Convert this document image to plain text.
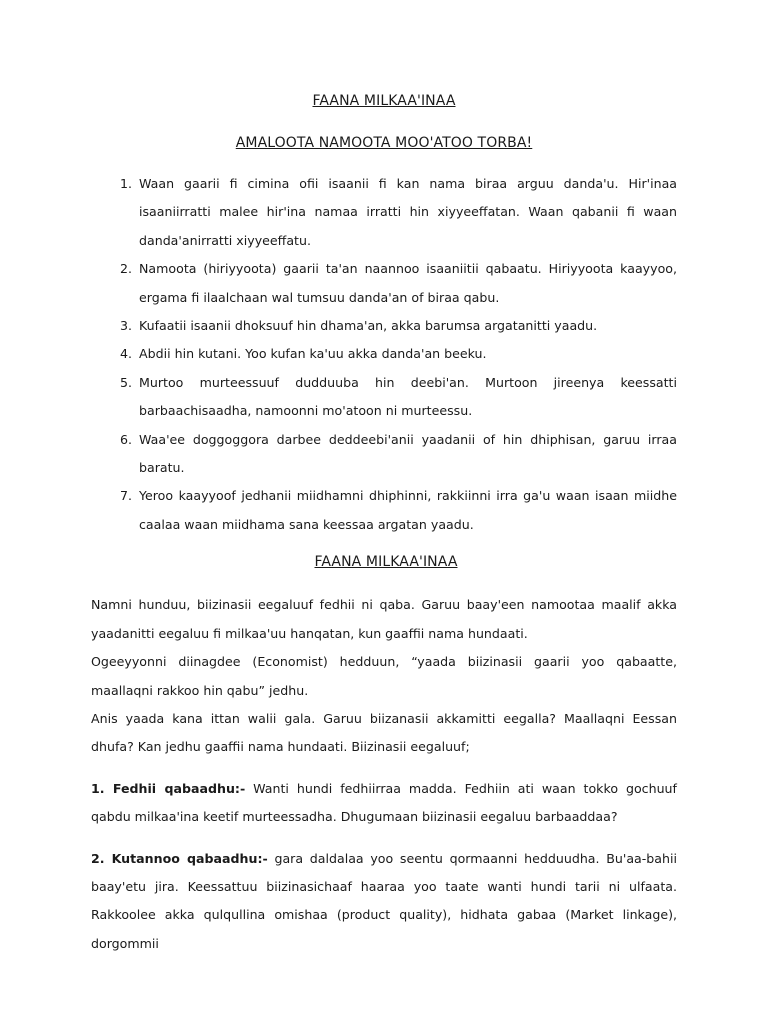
FAANA MILKAA'INAA
AMALOOTA NAMOOTA MOO'ATOO TORBA!
1. Waan gaarii fi cimina ofii isaanii fi kan nama biraa arguu danda'u. Hir'inaa isaaniirratti malee hir'ina namaa irratti hin xiyyeeffatan. Waan qabanii fi waan danda'anirratti xiyyeeffatu.
2. Namoota (hiriyyoota) gaarii ta'an naannoo isaaniitii qabaatu. Hiriyyoota kaayyoo, ergama fi ilaalchaan wal tumsuu danda'an of biraa qabu.
3. Kufaatii isaanii dhoksuuf hin dhama'an, akka barumsa argatanitti yaadu.
4. Abdii hin kutani. Yoo kufan ka'uu akka danda'an beeku.
5. Murtoo murteessuuf dudduuba hin deebi'an. Murtoon jireenya keessatti barbaachisaadha, namoonni mo'atoon ni murteessu.
6. Waa'ee doggoggora darbee deddeebi'anii yaadanii of hin dhiphisan, garuu irraa baratu.
7. Yeroo kaayyoof jedhanii miidhamni dhiphinni, rakkiinni irra ga'u waan isaan miidhe caalaa waan miidhama sana keessaa argatan yaadu.
FAANA MILKAA'INAA

Namni hunduu, biizinasii eegaluuf fedhii ni qaba. Garuu baay'een namootaa maalif akka yaadanitti eegaluu fi milkaa'uu hanqatan, kun gaaffii nama hundaati.

Ogeeyyonni diinagdee (Economist) hedduun, “yaada biizinasii gaarii yoo qabaatte, maallaqni rakkoo hin qabu” jedhu.

Anis yaada kana ittan walii gala. Garuu biizanasii akkamitti eegalla? Maallaqni Eessan dhufa? Kan jedhu gaaffii nama hundaati. Biizinasii eegaluuf;

1. Fedhii qabaadhu:- Wanti hundi fedhiirraa madda. Fedhiin ati waan tokko gochuuf qabdu milkaa'ina keetif murteessadha. Dhugumaan biizinasii eegaluu barbaaddaa?

2. Kutannoo qabaadhu:- gara daldalaa yoo seentu qormaanni hedduudha. Bu'aa-bahii baay'etu jira. Keessattuu biizinasichaaf haaraa yoo taate wanti hundi tarii ni ulfaata. Rakkoolee akka qulqullina omishaa (product quality), hidhata gabaa (Market linkage), dorgommii
